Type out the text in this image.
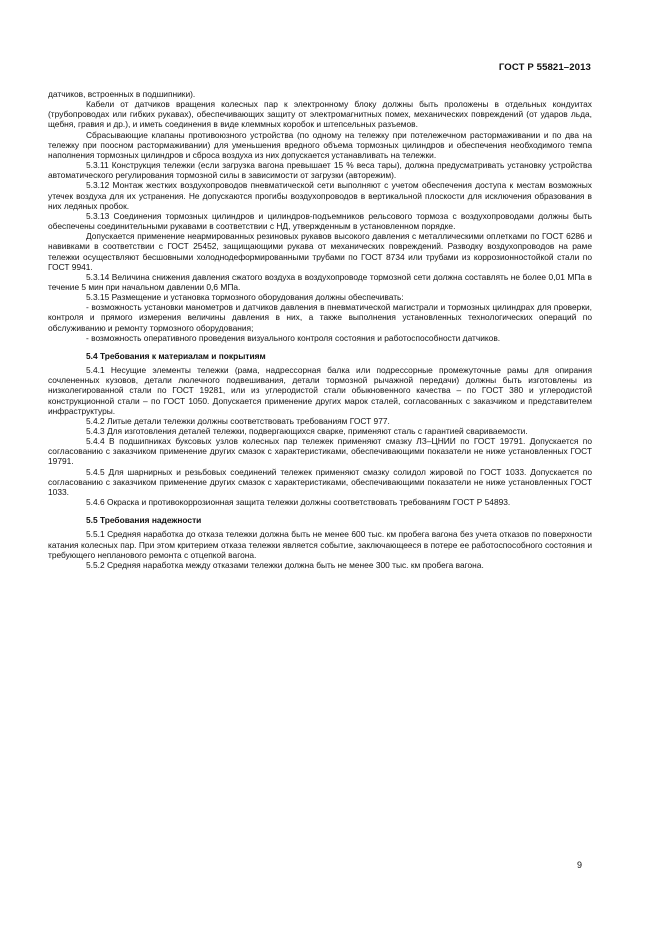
ГОСТ Р 55821–2013

датчиков, встроенных в подшипники).

Кабели от датчиков вращения колесных пар к электронному блоку должны быть проложены в отдельных кондуитах (трубопроводах или гибких рукавах), обеспечивающих защиту от электромагнитных помех, механических повреждений (от ударов льда, щебня, гравия и др.), и иметь соединения в виде клеммных коробок и штепсельных разъемов.

Сбрасывающие клапаны противоюзного устройства (по одному на тележку при потележечном растормаживании и по два на тележку при поосном растормаживании) для уменьшения вредного объема тормозных цилиндров и обеспечения необходимого темпа наполнения тормозных цилиндров и сброса воздуха из них допускается устанавливать на тележки.

5.3.11 Конструкция тележки (если загрузка вагона превышает 15 % веса тары), должна предусматривать установку устройства автоматического регулирования тормозной силы в зависимости от загрузки (авторежим).

5.3.12 Монтаж жестких воздухопроводов пневматической сети выполняют с учетом обеспечения доступа к местам возможных утечек воздуха для их устранения. Не допускаются прогибы воздухопроводов в вертикальной плоскости для исключения образования в них ледяных пробок.

5.3.13 Соединения тормозных цилиндров и цилиндров-подъемников рельсового тормоза с воздухопроводами должны быть обеспечены соединительными рукавами в соответствии с НД, утвержденным в установленном порядке.

Допускается применение неармированных резиновых рукавов высокого давления с металлическими оплетками по ГОСТ 6286 и навивками в соответствии с ГОСТ 25452, защищающими рукава от механических повреждений. Разводку воздухопроводов на раме тележки осуществляют бесшовными холоднодеформированными трубами по ГОСТ 8734 или трубами из коррозионностойкой стали по ГОСТ 9941.

5.3.14 Величина снижения давления сжатого воздуха в воздухопроводе тормозной сети должна составлять не более 0,01 МПа в течение 5 мин при начальном давлении 0,6 МПа.

5.3.15 Размещение и установка тормозного оборудования должны обеспечивать:

- возможность установки манометров и датчиков давления в пневматической магистрали и тормозных цилиндрах для проверки, контроля и прямого измерения величины давления в них, а также выполнения установленных технологических операций по обслуживанию и ремонту тормозного оборудования;

- возможность оперативного проведения визуального контроля состояния и работоспособности датчиков.

5.4 Требования к материалам и покрытиям

5.4.1 Несущие элементы тележки (рама, надрессорная балка или подрессорные промежуточные рамы для опирания сочлененных кузовов, детали люлечного подвешивания, детали тормозной рычажной передачи) должны быть изготовлены из низколегированной стали по ГОСТ 19281, или из углеродистой стали обыкновенного качества – по ГОСТ 380 и углеродистой конструкционной стали – по ГОСТ 1050. Допускается применение других марок сталей, согласованных с заказчиком и представителем инфраструктуры.

5.4.2 Литые детали тележки должны соответствовать требованиям ГОСТ 977.

5.4.3 Для изготовления деталей тележки, подвергающихся сварке, применяют сталь с гарантией свариваемости.

5.4.4 В подшипниках буксовых узлов колесных пар тележек применяют смазку ЛЗ–ЦНИИ по ГОСТ 19791. Допускается по согласованию с заказчиком применение других смазок с характеристиками, обеспечивающими показатели не ниже установленных ГОСТ 19791.

5.4.5 Для шарнирных и резьбовых соединений тележек применяют смазку солидол жировой по ГОСТ 1033. Допускается по согласованию с заказчиком применение других смазок с характеристиками, обеспечивающими показатели не ниже установленных ГОСТ 1033.

5.4.6 Окраска и противокоррозионная защита тележки должны соответствовать требованиям ГОСТ Р 54893.

5.5 Требования надежности

5.5.1 Средняя наработка до отказа тележки должна быть не менее 600 тыс. км пробега вагона без учета отказов по поверхности катания колесных пар. При этом критерием отказа тележки является событие, заключающееся в потере ее работоспособного состояния и требующего непланового ремонта с отцепкой вагона.

5.5.2 Средняя наработка между отказами тележки должна быть не менее 300 тыс. км пробега вагона.

9
